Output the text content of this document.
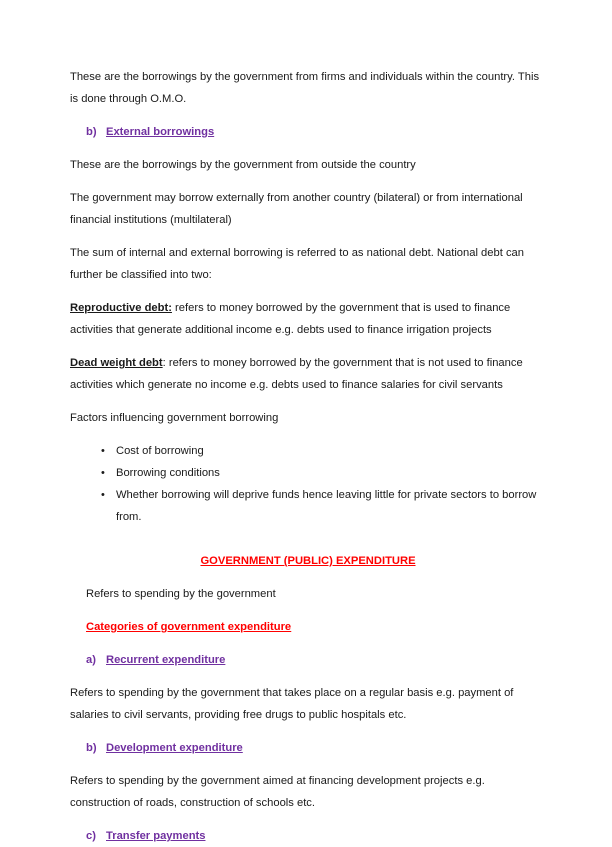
These are the borrowings by the government from firms and individuals within the country. This is done through O.M.O.

b) External borrowings

These are the borrowings by the government from outside the country

The government may borrow externally from another country (bilateral) or from international financial institutions (multilateral)

The sum of internal and external borrowing is referred to as national debt. National debt can further be classified into two:

Reproductive debt: refers to money borrowed by the government that is used to finance activities that generate additional income e.g. debts used to finance irrigation projects

Dead weight debt: refers to money borrowed by the government that is not used to finance activities which generate no income e.g. debts used to finance salaries for civil servants

Factors influencing government borrowing

• Cost of borrowing
• Borrowing conditions
• Whether borrowing will deprive funds hence leaving little for private sectors to borrow from.
GOVERNMENT (PUBLIC) EXPENDITURE

Refers to spending by the government

Categories of government expenditure
a) Recurrent expenditure

Refers to spending by the government that takes place on a regular basis e.g. payment of salaries to civil servants, providing free drugs to public hospitals etc.

b) Development expenditure

Refers to spending by the government aimed at financing development projects e.g. construction of roads, construction of schools etc.

c) Transfer payments
